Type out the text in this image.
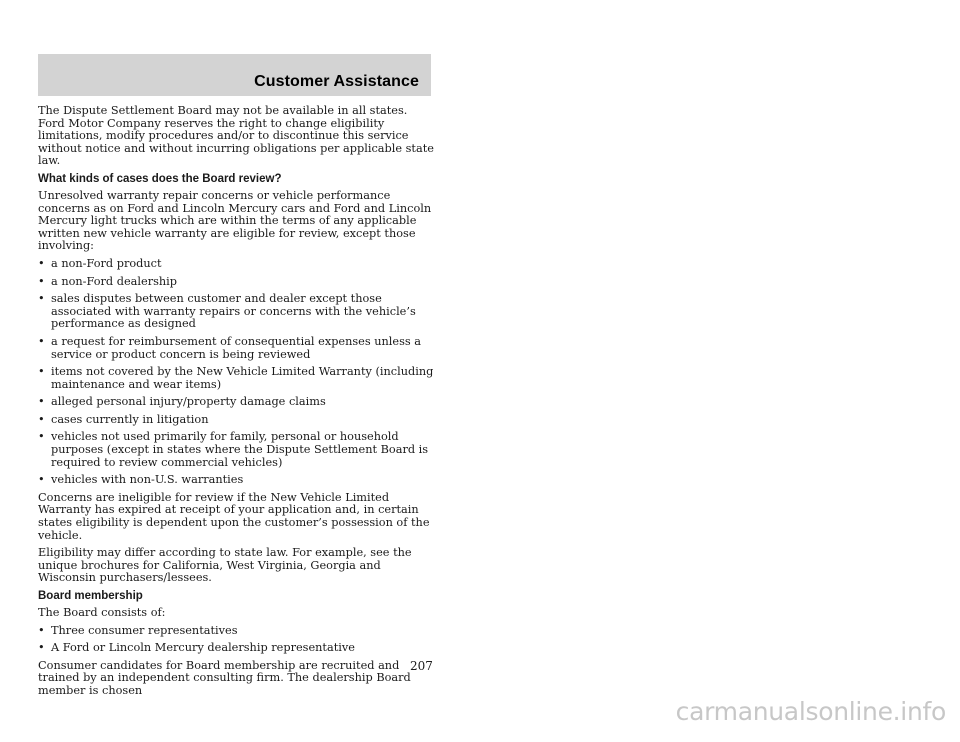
Customer Assistance

The Dispute Settlement Board may not be available in all states. Ford Motor Company reserves the right to change eligibility limitations, modify procedures and/or to discontinue this service without notice and without incurring obligations per applicable state law.

What kinds of cases does the Board review?

Unresolved warranty repair concerns or vehicle performance concerns as on Ford and Lincoln Mercury cars and Ford and Lincoln Mercury light trucks which are within the terms of any applicable written new vehicle warranty are eligible for review, except those involving:

• a non-Ford product
• a non-Ford dealership
• sales disputes between customer and dealer except those associated with warranty repairs or concerns with the vehicle’s performance as designed
• a request for reimbursement of consequential expenses unless a service or product concern is being reviewed
• items not covered by the New Vehicle Limited Warranty (including maintenance and wear items)
• alleged personal injury/property damage claims
• cases currently in litigation
• vehicles not used primarily for family, personal or household purposes (except in states where the Dispute Settlement Board is required to review commercial vehicles)
• vehicles with non-U.S. warranties

Concerns are ineligible for review if the New Vehicle Limited Warranty has expired at receipt of your application and, in certain states eligibility is dependent upon the customer’s possession of the vehicle.

Eligibility may differ according to state law. For example, see the unique brochures for California, West Virginia, Georgia and Wisconsin purchasers/lessees.

Board membership

The Board consists of:

• Three consumer representatives
• A Ford or Lincoln Mercury dealership representative

Consumer candidates for Board membership are recruited and trained by an independent consulting firm. The dealership Board member is chosen

207
carmanualsonline.info
